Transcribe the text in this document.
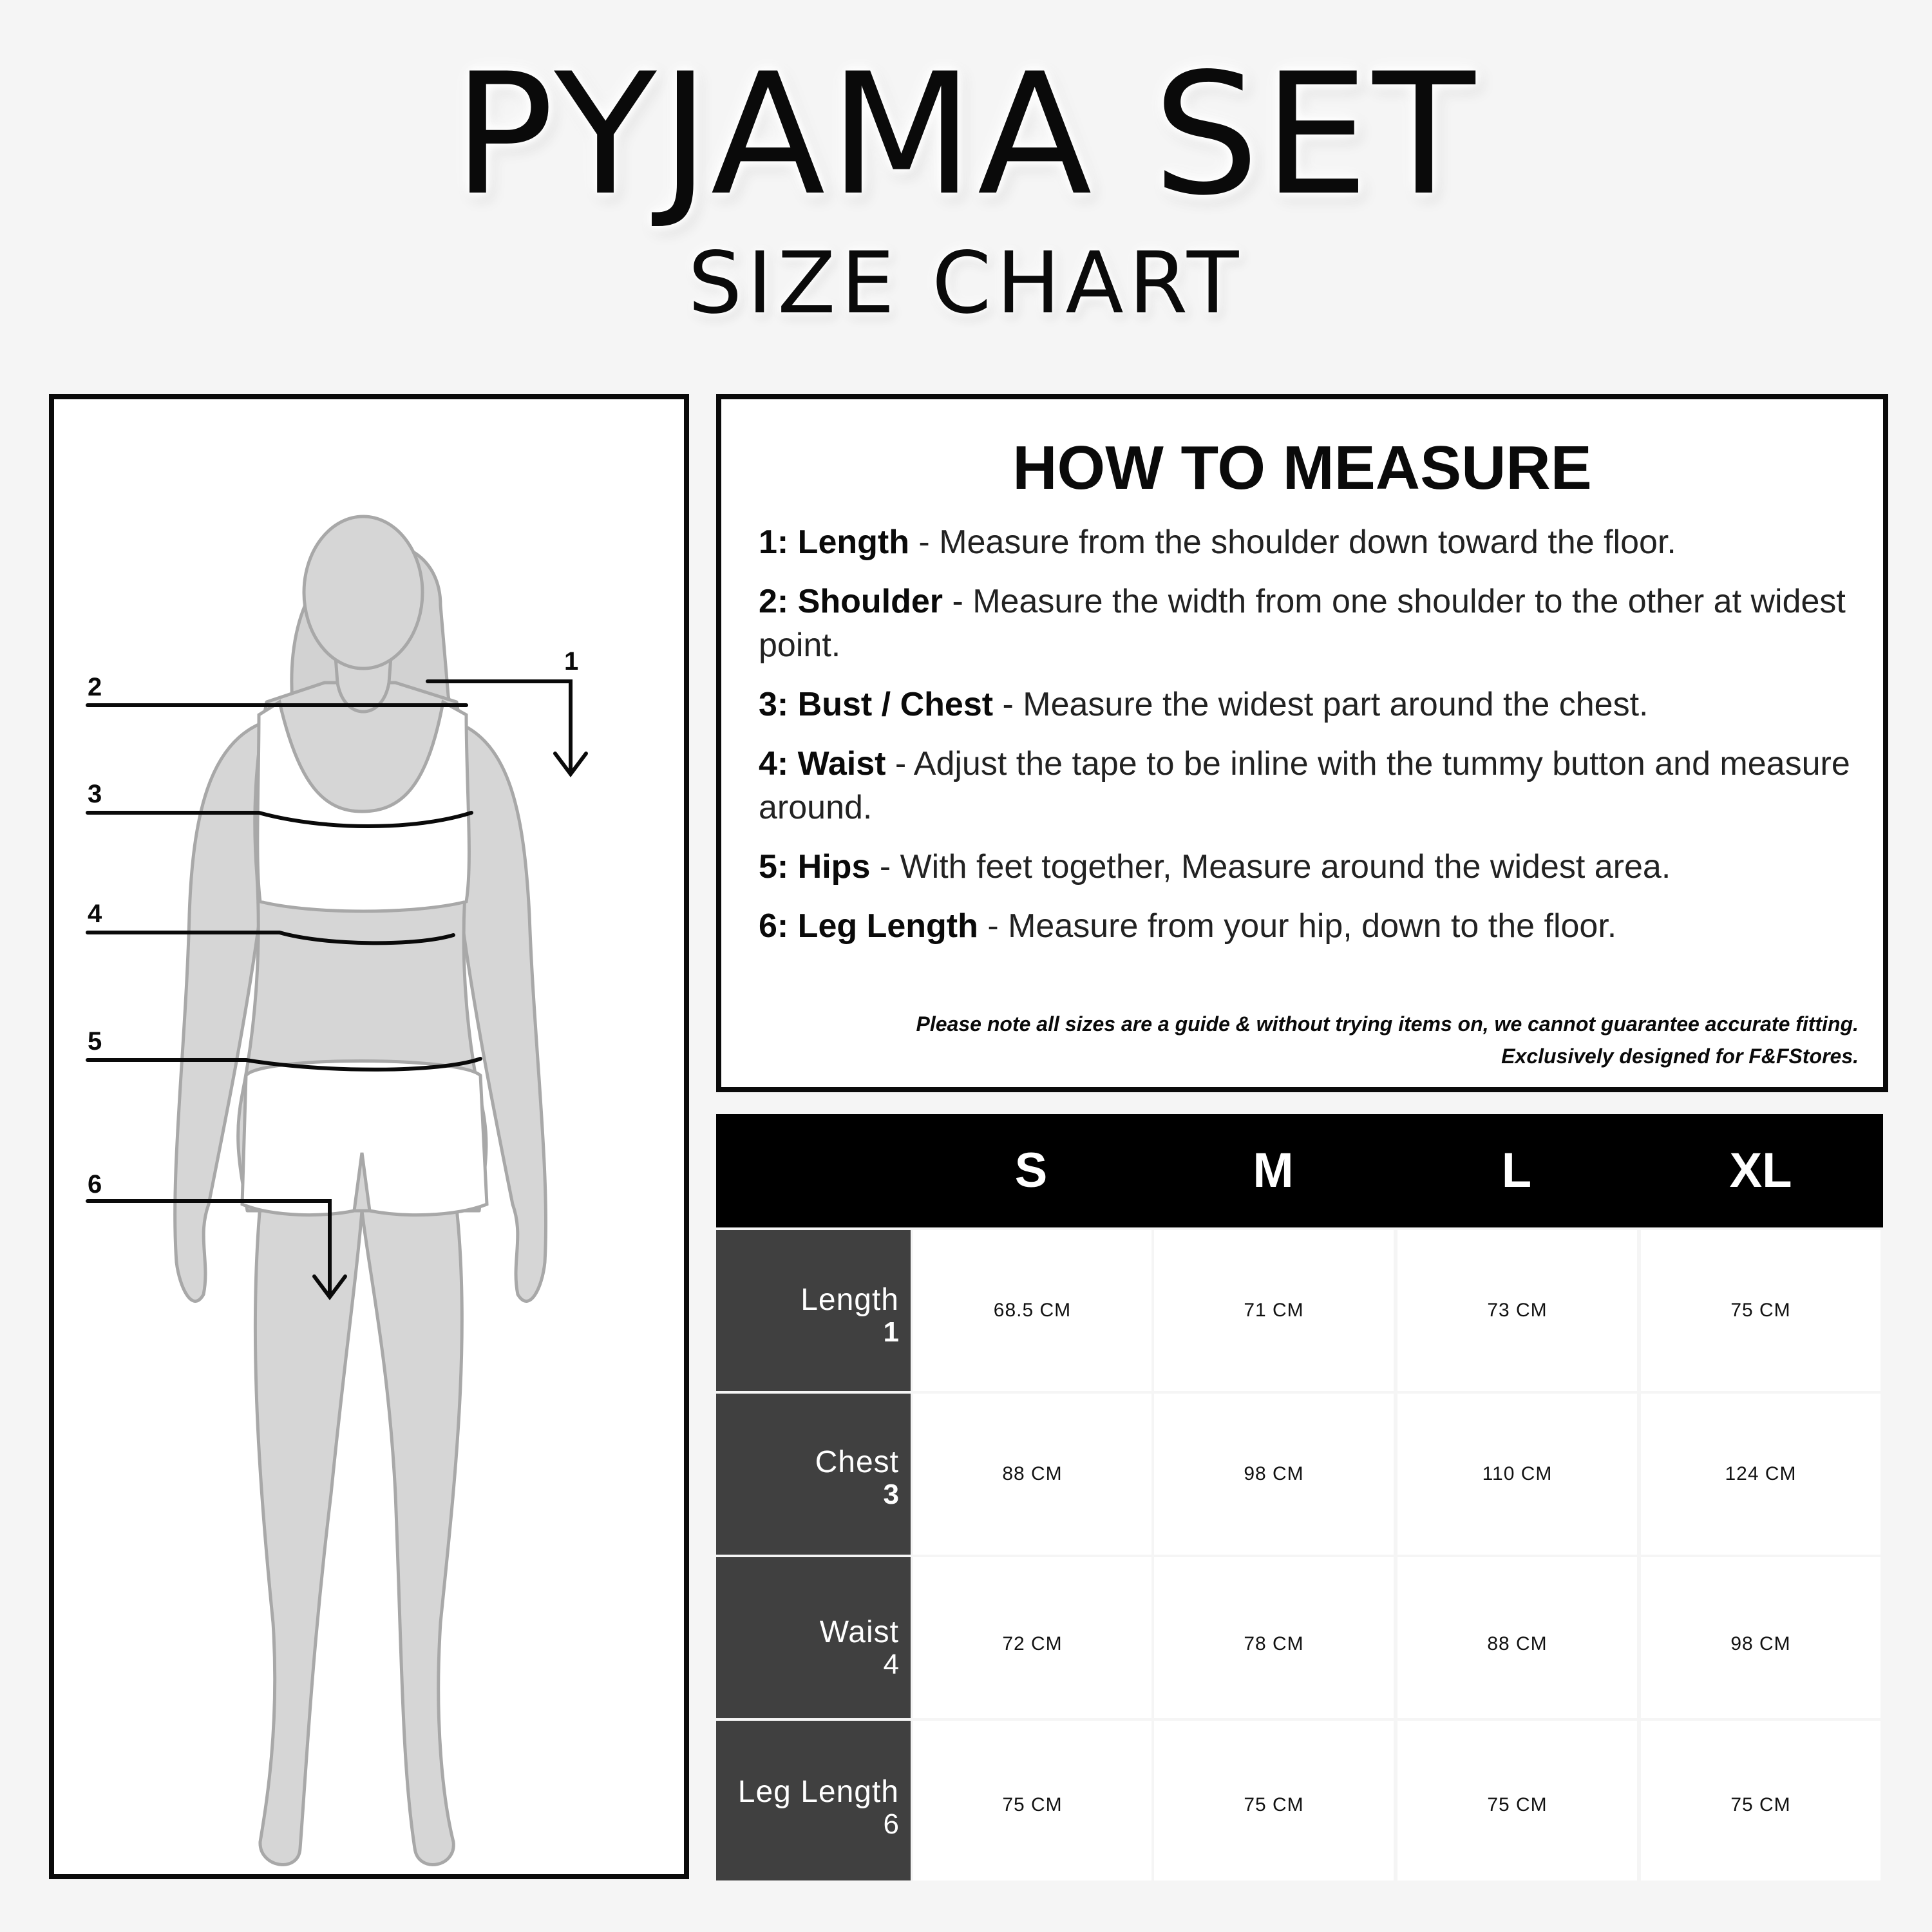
PYJAMA SET
SIZE CHART
1
2
3
4
5
6
HOW TO MEASURE
1: Length - Measure from the shoulder down toward the floor.
2: Shoulder - Measure the width from one shoulder to the other at widest point.
3: Bust / Chest - Measure the widest part around the chest.
4: Waist - Adjust the tape to be inline with the tummy button and measure around.
5: Hips - With feet together, Measure around the widest area.
6: Leg Length - Measure from your hip, down to the floor.
Please note all sizes are a guide & without trying items on, we cannot guarantee accurate fitting.
Exclusively designed for F&FStores.
S	M	L	XL
Length
1
68.5 CM	71 CM	73 CM	75 CM
Chest
3
88 CM	98 CM	110 CM	124 CM
Waist
4
72 CM	78 CM	88 CM	98 CM
Leg Length
6
75 CM	75 CM	75 CM	75 CM
